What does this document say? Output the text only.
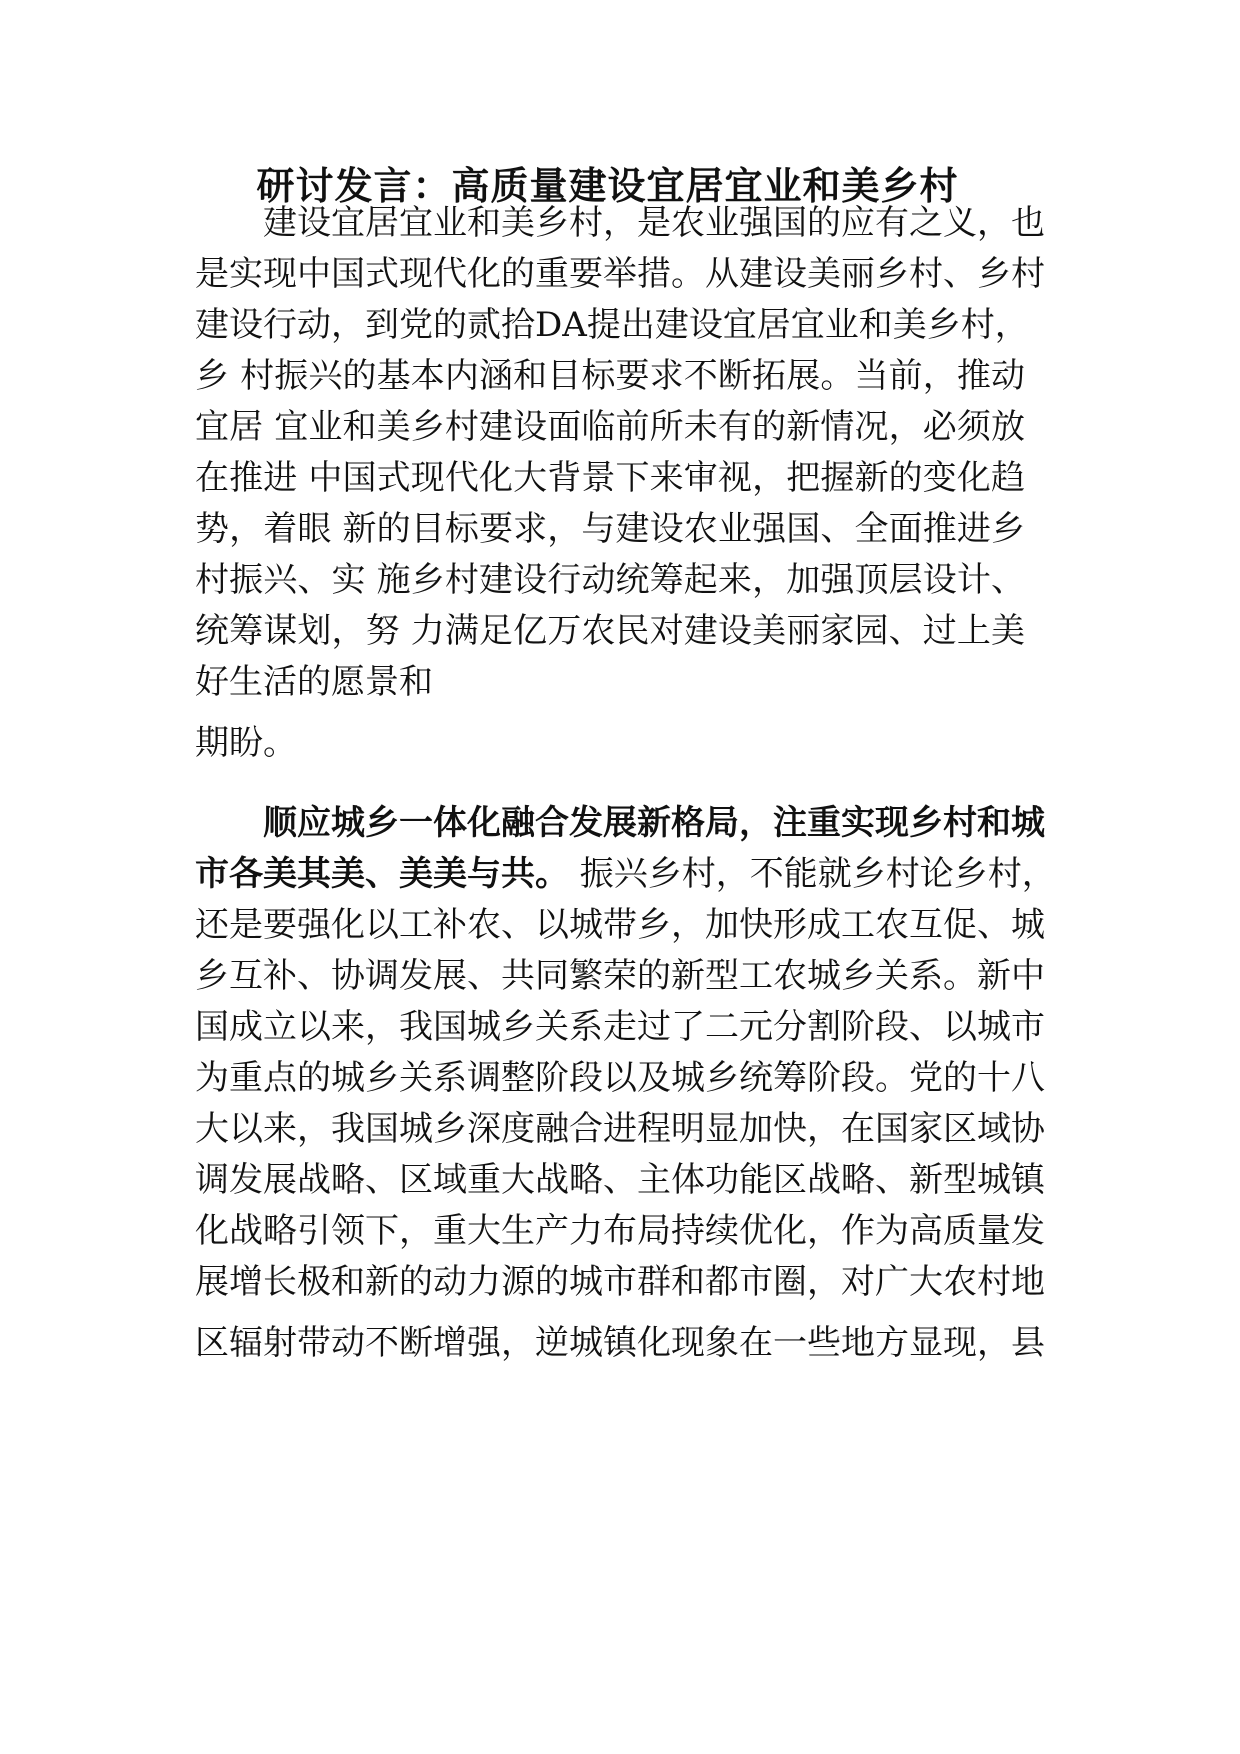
研讨发言：高质量建设宜居宜业和美乡村
建设宜居宜业和美乡村，是农业强国的应有之义，也
是实现中国式现代化的重要举措。从建设美丽乡村、乡村
建设行动，到党的贰拾DA提出建设宜居宜业和美乡村，
乡 村振兴的基本内涵和目标要求不断拓展。当前，推动
宜居 宜业和美乡村建设面临前所未有的新情况，必须放
在推进 中国式现代化大背景下来审视，把握新的变化趋
势，着眼 新的目标要求，与建设农业强国、全面推进乡
村振兴、实 施乡村建设行动统筹起来，加强顶层设计、
统筹谋划，努 力满足亿万农民对建设美丽家园、过上美
好生活的愿景和
期盼。
顺应城乡一体化融合发展新格局，注重实现乡村和城
市各美其美、美美与共。 振兴乡村，不能就乡村论乡村，
还是要强化以工补农、以城带乡，加快形成工农互促、城
乡互补、协调发展、共同繁荣的新型工农城乡关系。新中
国成立以来，我国城乡关系走过了二元分割阶段、以城市
为重点的城乡关系调整阶段以及城乡统筹阶段。党的十八
大以来，我国城乡深度融合进程明显加快，在国家区域协
调发展战略、区域重大战略、主体功能区战略、新型城镇
化战略引领下，重大生产力布局持续优化，作为高质量发
展增长极和新的动力源的城市群和都市圈，对广大农村地
区辐射带动不断增强，逆城镇化现象在一些地方显现，县
